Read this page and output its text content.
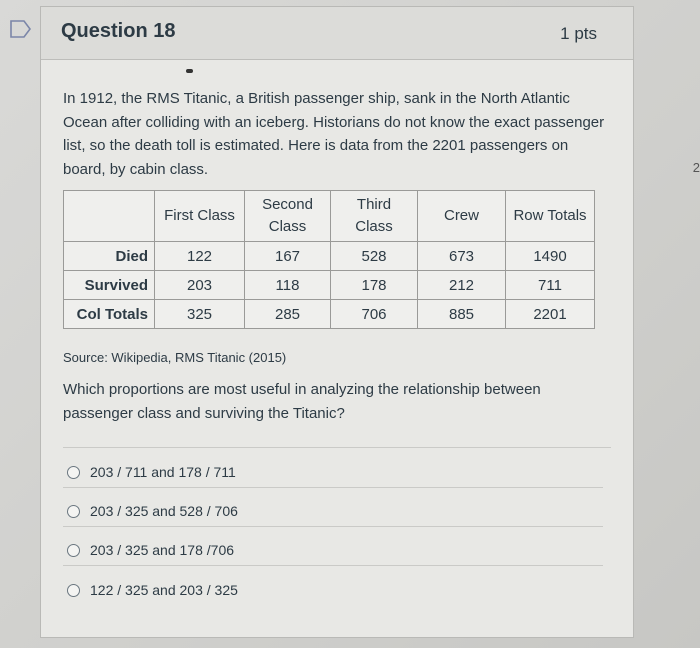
2
Question 18	1 pts
In 1912, the RMS Titanic, a British passenger ship, sank in the North Atlantic Ocean after colliding with an iceberg. Historians do not know the exact passenger list, so the death toll is estimated. Here is data from the 2201 passengers on board, by cabin class.
	First Class	Second Class	Third Class	Crew	Row Totals
Died	122	167	528	673	1490
Survived	203	118	178	212	711
Col Totals	325	285	706	885	2201
Source: Wikipedia, RMS Titanic (2015)
Which proportions are most useful in analyzing the relationship between passenger class and surviving the Titanic?
203 / 711 and 178 / 711
203 / 325 and 528 / 706
203 / 325 and 178 /706
122 / 325 and 203 / 325
